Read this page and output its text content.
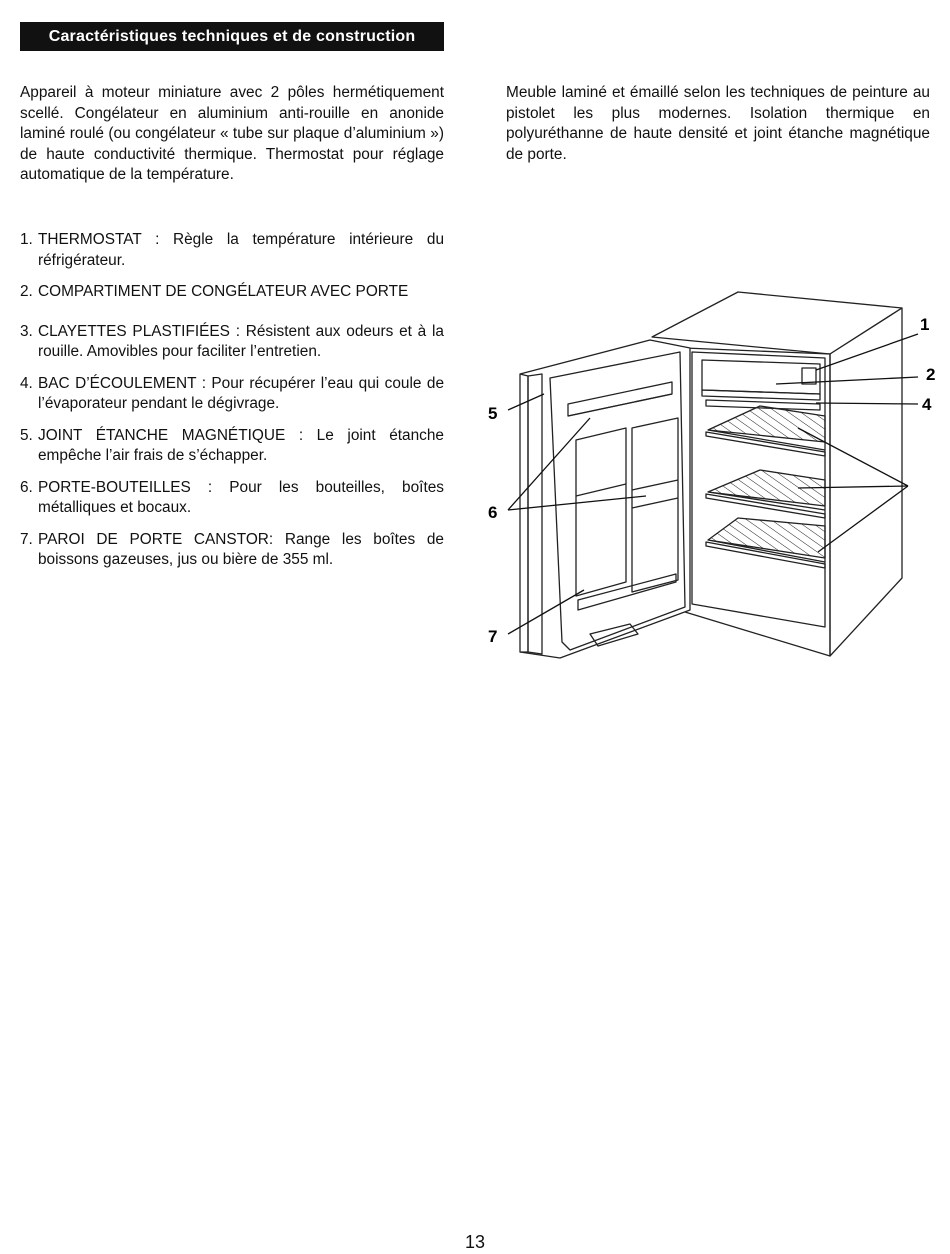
Caractéristiques techniques et de construction

Appareil à moteur miniature avec 2 pôles hermétiquement scellé. Congélateur en aluminium anti-rouille en anonide laminé roulé (ou congélateur « tube sur plaque d’aluminium ») de haute conductivité thermique. Thermostat pour réglage automatique de la température.

Meuble laminé et émaillé selon les techniques de peinture au pistolet les plus modernes. Isolation thermique en polyuréthanne de haute densité et joint étanche magnétique de porte.

1. THERMOSTAT : Règle la température intérieure du réfrigérateur.
2. COMPARTIMENT DE CONGÉLATEUR AVEC PORTE
3. CLAYETTES PLASTIFIÉES : Résistent aux odeurs et à la rouille. Amovibles pour faciliter l’entretien.
4. BAC D’ÉCOULEMENT : Pour récupérer l’eau qui coule de l’évaporateur pendant le dégivrage.
5. JOINT ÉTANCHE MAGNÉTIQUE : Le joint étanche empêche l’air frais de s’échapper.
6. PORTE-BOUTEILLES : Pour les bouteilles, boîtes métalliques et bocaux.
7. PAROI DE PORTE CANSTOR: Range les boîtes de boissons gazeuses, jus ou bière de 355 ml.
1
2
4
5
6
7
13
